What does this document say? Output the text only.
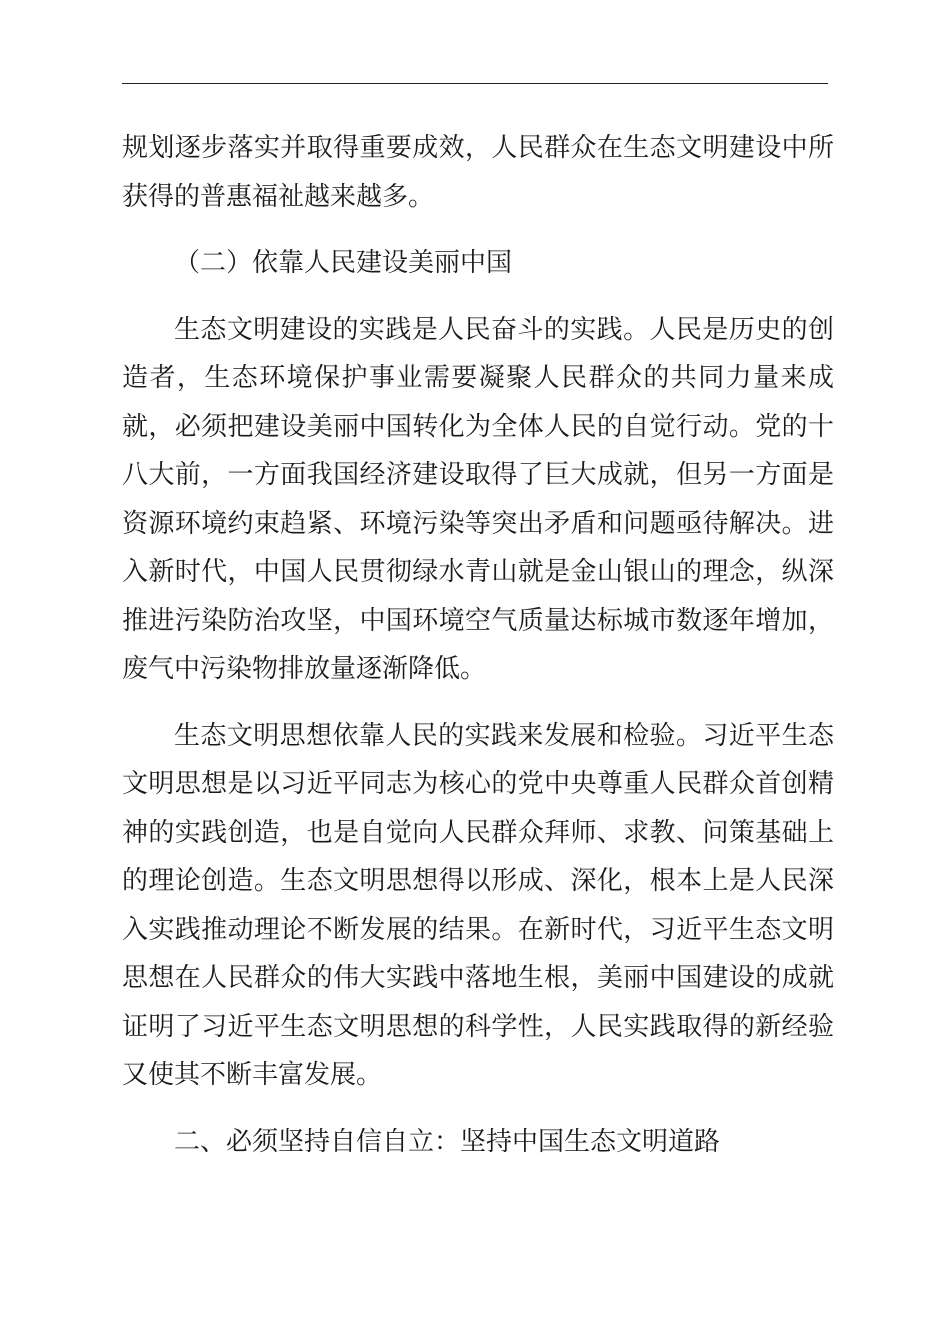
规划逐步落实并取得重要成效，人民群众在生态文明建设中所获得的普惠福祉越来越多。

（二）依靠人民建设美丽中国

生态文明建设的实践是人民奋斗的实践。人民是历史的创造者，生态环境保护事业需要凝聚人民群众的共同力量来成就，必须把建设美丽中国转化为全体人民的自觉行动。党的十八大前，一方面我国经济建设取得了巨大成就，但另一方面是资源环境约束趋紧、环境污染等突出矛盾和问题亟待解决。进入新时代，中国人民贯彻绿水青山就是金山银山的理念，纵深推进污染防治攻坚，中国环境空气质量达标城市数逐年增加，废气中污染物排放量逐渐降低。

生态文明思想依靠人民的实践来发展和检验。习近平生态文明思想是以习近平同志为核心的党中央尊重人民群众首创精神的实践创造，也是自觉向人民群众拜师、求教、问策基础上的理论创造。生态文明思想得以形成、深化，根本上是人民深入实践推动理论不断发展的结果。在新时代，习近平生态文明思想在人民群众的伟大实践中落地生根，美丽中国建设的成就证明了习近平生态文明思想的科学性，人民实践取得的新经验又使其不断丰富发展。

二、必须坚持自信自立：坚持中国生态文明道路
